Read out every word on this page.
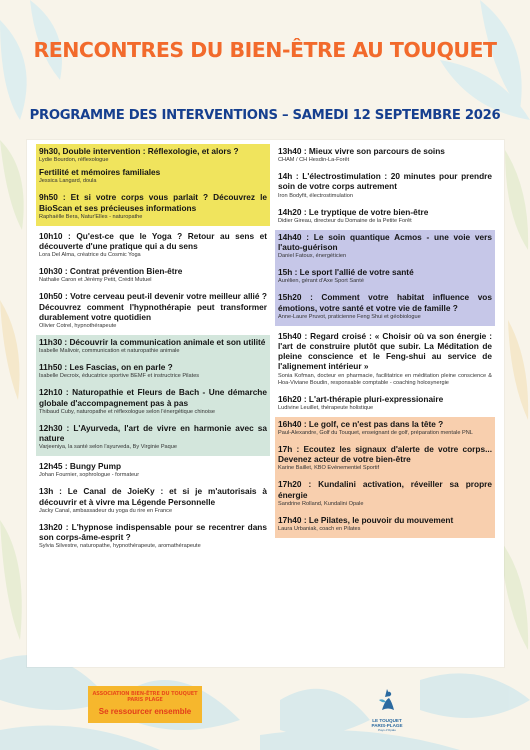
RENCONTRES DU BIEN-ÊTRE AU TOUQUET
PROGRAMME DES INTERVENTIONS – SAMEDI 12 SEPTEMBRE 2026
9h30, Double intervention : Réflexologie, et alors ?
Lydie Bourdon, réflexologue
Fertilité et mémoires familiales
Jessica Langard, doula
9h50 : Et si votre corps vous parlait ? Découvrez le BioScan et ses précieuses informations
Raphaëlle Bera, Natur'Elles - naturopathe
10h10 : Qu'est-ce que le Yoga ? Retour au sens et découverte d'une pratique qui a du sens
Lora Del Alma, créatrice du Cosmic Yoga
10h30 : Contrat prévention Bien-être
Nathalie Caron et Jérémy Petit, Crédit Mutuel
10h50 : Votre cerveau peut-il devenir votre meilleur allié ? Découvrez comment l'hypnothérapie peut transformer durablement votre quotidien
Olivier Cotrel, hypnothérapeute
11h30 : Découvrir la communication animale et son utilité
Isabelle Malivoir, communication et naturopathie animale
11h50 : Les Fascias, on en parle ?
Isabelle Decroix, éducatrice sportive BEMF et instructrice Pilates
12h10 : Naturopathie et Fleurs de Bach - Une démarche globale d'accompagnement pas à pas
Thibaud Cuby, naturopathe et réflexologue selon l'énergétique chinoise
12h30 : L'Ayurveda, l'art de vivre en harmonie avec sa nature
Varjeeniya, la santé selon l'ayurveda, By Virginie Paque
12h45 : Bungy Pump
Johan Fournier, sophrologue - formateur
13h : Le Canal de JoieKy : et si je m'autorisais à découvrir et à vivre ma Légende Personnelle
Jacky Canal, ambassadeur du yoga du rire en France
13h20 : L'hypnose indispensable pour se recentrer dans son corps-âme-esprit ?
Sylvia Silvestre, naturopathe, hypnothérapeute, aromathérapeute
13h40 : Mieux vivre son parcours de soins
CHAM / CH Hesdin-La-Forêt
14h : L'électrostimulation : 20 minutes pour prendre soin de votre corps autrement
Iron Bodyfit, électrostimulation
14h20 : Le tryptique de votre bien-être
Didier Gireau, directeur du Domaine de la Petite Forêt
14h40 : Le soin quantique Acmos - une voie vers l'auto-guérison
Daniel Fatoux, énergéticien
15h : Le sport l'allié de votre santé
Aurélien, gérant d'Axe Sport Santé
15h20 : Comment votre habitat influence vos émotions, votre santé et votre vie de famille ?
Anne-Laure Pruvot, praticienne Feng Shui et géobiologue
15h40 : Regard croisé : « Choisir où va son énergie : l'art de construire plutôt que subir. La Méditation de pleine conscience et le Feng-shui au service de l'alignement intérieur »
Sonia Kofman, docteur en pharmacie, facilitatrice en méditation pleine conscience & Hoa-Viviane Boudin, responsable comptable - coaching holosynergie
16h20 : L'art-thérapie pluri-expressionaire
Ludivine Leuillet, thérapeute holistique
16h40 : Le golf, ce n'est pas dans la tête ?
Paul-Alexandre, Golf du Touquet, enseignant de golf, préparation mentale PNL
17h : Ecoutez les signaux d'alerte de votre corps... Devenez acteur de votre bien-être
Karine Baillet, KBO Evénementiel Sportif
17h20 : Kundalini activation, réveiller sa propre énergie
Sandrine Rolland, Kundalini Opale
17h40 : Le Pilates, le pouvoir du mouvement
Laura Urbaniak, coach en Pilates
ASSOCIATION BIEN-ÊTRE DU TOUQUET PARIS PLAGE
Se ressourcer ensemble
LE TOUQUET PARIS-PLAGE
Pays d'Opale
